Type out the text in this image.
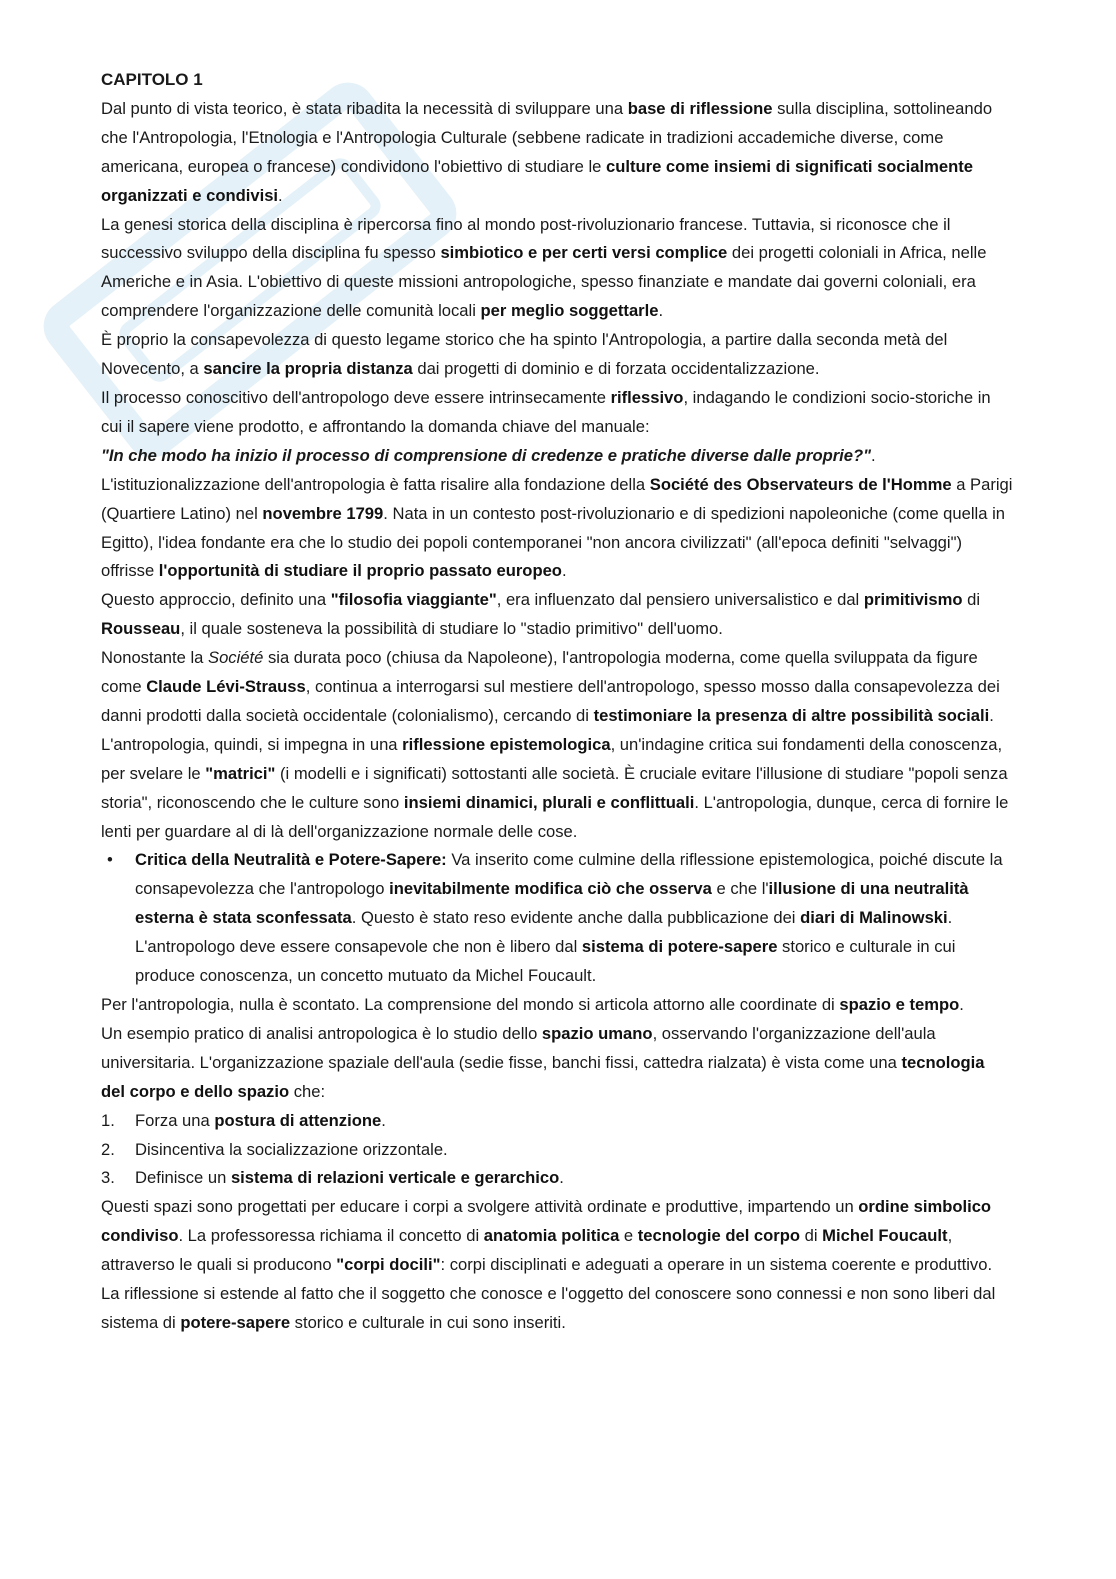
CAPITOLO 1

Dal punto di vista teorico, è stata ribadita la necessità di sviluppare una base di riflessione sulla disciplina, sottolineando che l'Antropologia, l'Etnologia e l'Antropologia Culturale (sebbene radicate in tradizioni accademiche diverse, come americana, europea o francese) condividono l'obiettivo di studiare le culture come insiemi di significati socialmente organizzati e condivisi.

La genesi storica della disciplina è ripercorsa fino al mondo post-rivoluzionario francese. Tuttavia, si riconosce che il successivo sviluppo della disciplina fu spesso simbiotico e per certi versi complice dei progetti coloniali in Africa, nelle Americhe e in Asia. L'obiettivo di queste missioni antropologiche, spesso finanziate e mandate dai governi coloniali, era comprendere l'organizzazione delle comunità locali per meglio soggettarle.

È proprio la consapevolezza di questo legame storico che ha spinto l'Antropologia, a partire dalla seconda metà del Novecento, a sancire la propria distanza dai progetti di dominio e di forzata occidentalizzazione.

Il processo conoscitivo dell'antropologo deve essere intrinsecamente riflessivo, indagando le condizioni socio-storiche in cui il sapere viene prodotto, e affrontando la domanda chiave del manuale:

"In che modo ha inizio il processo di comprensione di credenze e pratiche diverse dalle proprie?".

L'istituzionalizzazione dell'antropologia è fatta risalire alla fondazione della Société des Observateurs de l'Homme a Parigi (Quartiere Latino) nel novembre 1799. Nata in un contesto post-rivoluzionario e di spedizioni napoleoniche (come quella in Egitto), l'idea fondante era che lo studio dei popoli contemporanei "non ancora civilizzati" (all'epoca definiti "selvaggi") offrisse l'opportunità di studiare il proprio passato europeo.

Questo approccio, definito una "filosofia viaggiante", era influenzato dal pensiero universalistico e dal primitivismo di Rousseau, il quale sosteneva la possibilità di studiare lo "stadio primitivo" dell'uomo.

Nonostante la Société sia durata poco (chiusa da Napoleone), l'antropologia moderna, come quella sviluppata da figure come Claude Lévi-Strauss, continua a interrogarsi sul mestiere dell'antropologo, spesso mosso dalla consapevolezza dei danni prodotti dalla società occidentale (colonialismo), cercando di testimoniare la presenza di altre possibilità sociali.

L'antropologia, quindi, si impegna in una riflessione epistemologica, un'indagine critica sui fondamenti della conoscenza, per svelare le "matrici" (i modelli e i significati) sottostanti alle società. È cruciale evitare l'illusione di studiare "popoli senza storia", riconoscendo che le culture sono insiemi dinamici, plurali e conflittuali. L'antropologia, dunque, cerca di fornire le lenti per guardare al di là dell'organizzazione normale delle cose.

• Critica della Neutralità e Potere-Sapere: Va inserito come culmine della riflessione epistemologica, poiché discute la consapevolezza che l'antropologo inevitabilmente modifica ciò che osserva e che l'illusione di una neutralità esterna è stata sconfessata. Questo è stato reso evidente anche dalla pubblicazione dei diari di Malinowski. L'antropologo deve essere consapevole che non è libero dal sistema di potere-sapere storico e culturale in cui produce conoscenza, un concetto mutuato da Michel Foucault.

Per l'antropologia, nulla è scontato. La comprensione del mondo si articola attorno alle coordinate di spazio e tempo.

Un esempio pratico di analisi antropologica è lo studio dello spazio umano, osservando l'organizzazione dell'aula universitaria. L'organizzazione spaziale dell'aula (sedie fisse, banchi fissi, cattedra rialzata) è vista come una tecnologia del corpo e dello spazio che:

1. Forza una postura di attenzione.
2. Disincentiva la socializzazione orizzontale.
3. Definisce un sistema di relazioni verticale e gerarchico.

Questi spazi sono progettati per educare i corpi a svolgere attività ordinate e produttive, impartendo un ordine simbolico condiviso. La professoressa richiama il concetto di anatomia politica e tecnologie del corpo di Michel Foucault, attraverso le quali si producono "corpi docili": corpi disciplinati e adeguati a operare in un sistema coerente e produttivo. La riflessione si estende al fatto che il soggetto che conosce e l'oggetto del conoscere sono connessi e non sono liberi dal sistema di potere-sapere storico e culturale in cui sono inseriti.
